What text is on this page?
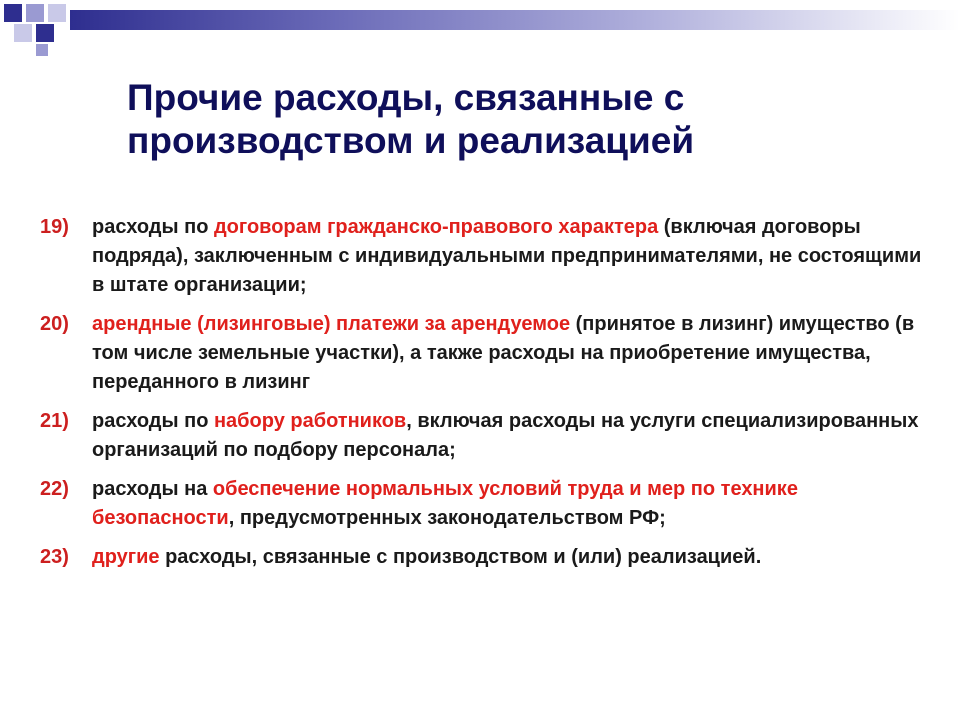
Прочие расходы, связанные с производством и реализацией
19) расходы по договорам гражданско-правового характера (включая договоры подряда), заключенным с индивидуальными предпринимателями, не состоящими в штате организации;
20) арендные (лизинговые) платежи за арендуемое (принятое в лизинг) имущество (в том числе земельные участки), а также расходы на приобретение имущества, переданного в лизинг
21) расходы по набору работников, включая расходы на услуги специализированных организаций по подбору персонала;
22) расходы на обеспечение нормальных условий труда и мер по технике безопасности, предусмотренных законодательством РФ;
23) другие расходы, связанные с производством и (или) реализацией.
